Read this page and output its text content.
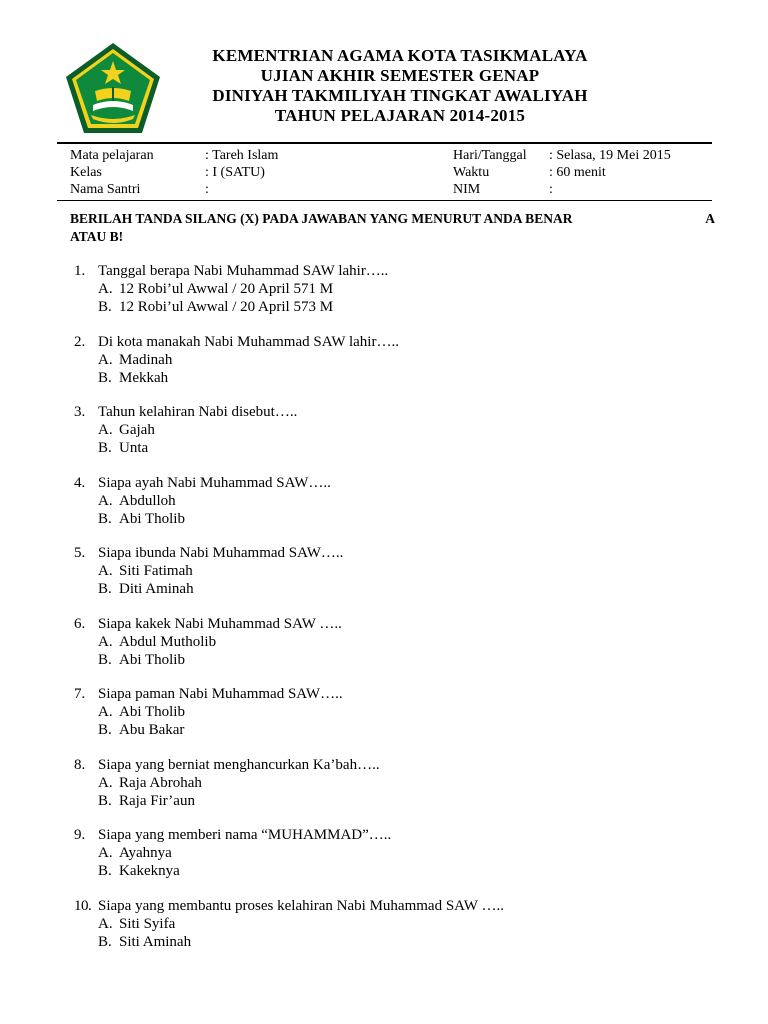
KEMENTRIAN AGAMA KOTA TASIKMALAYA
UJIAN AKHIR SEMESTER GENAP
DINIYAH TAKMILIYAH TINGKAT AWALIYAH
TAHUN PELAJARAN 2014-2015
Mata pelajaran	: Tareh Islam
Kelas	: I (SATU)
Nama Santri	:
Hari/Tanggal : Selasa, 19 Mei 2015
Waktu	: 60 menit
NIM	:
BERILAH TANDA SILANG (X) PADA JAWABAN YANG MENURUT ANDA BENAR	A
ATAU B!
1. Tanggal berapa Nabi Muhammad SAW lahir…..
A. 12 Robi’ul Awwal / 20 April 571 M
B. 12 Robi’ul Awwal / 20 April 573 M
2. Di kota manakah Nabi Muhammad SAW lahir…..
A. Madinah
B. Mekkah
3. Tahun kelahiran Nabi disebut…..
A. Gajah
B. Unta
4. Siapa ayah Nabi Muhammad SAW…..
A. Abdulloh
B. Abi Tholib
5. Siapa ibunda Nabi Muhammad SAW…..
A. Siti Fatimah
B. Diti Aminah
6. Siapa kakek Nabi Muhammad SAW …..
A. Abdul Mutholib
B. Abi Tholib
7. Siapa paman Nabi Muhammad SAW…..
A. Abi Tholib
B. Abu Bakar
8. Siapa yang berniat menghancurkan Ka’bah…..
A. Raja Abrohah
B. Raja Fir’aun
9. Siapa yang memberi nama “MUHAMMAD”…..
A. Ayahnya
B. Kakeknya
10. Siapa yang membantu proses kelahiran Nabi Muhammad SAW …..
A. Siti Syifa
B. Siti Aminah
